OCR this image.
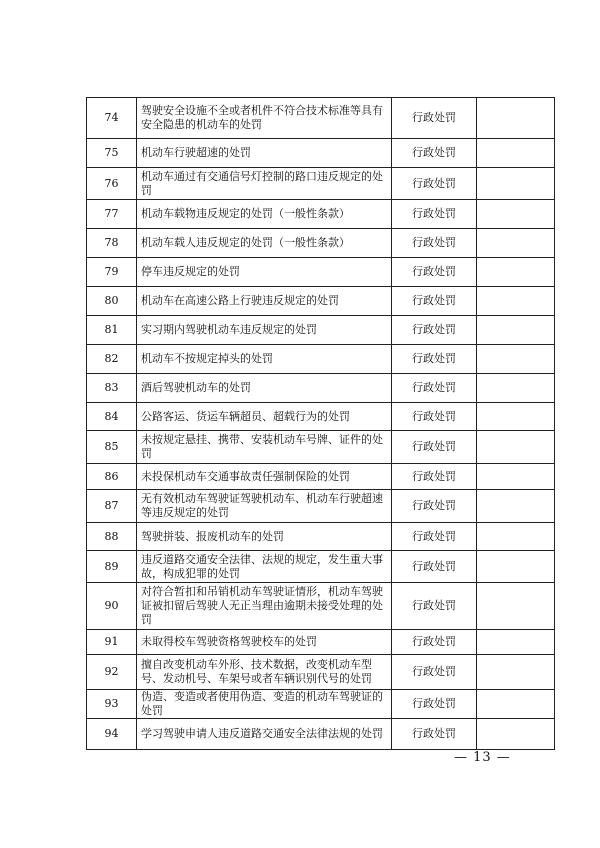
74	驾驶安全设施不全或者机件不符合技术标准等具有安全隐患的机动车的处罚	行政处罚	
75	机动车行驶超速的处罚	行政处罚	
76	机动车通过有交通信号灯控制的路口违反规定的处罚	行政处罚	
77	机动车载物违反规定的处罚（一般性条款）	行政处罚	
78	机动车载人违反规定的处罚（一般性条款）	行政处罚	
79	停车违反规定的处罚	行政处罚	
80	机动车在高速公路上行驶违反规定的处罚	行政处罚	
81	实习期内驾驶机动车违反规定的处罚	行政处罚	
82	机动车不按规定掉头的处罚	行政处罚	
83	酒后驾驶机动车的处罚	行政处罚	
84	公路客运、货运车辆超员、超载行为的处罚	行政处罚	
85	未按规定悬挂、携带、安装机动车号牌、证件的处罚	行政处罚	
86	未投保机动车交通事故责任强制保险的处罚	行政处罚	
87	无有效机动车驾驶证驾驶机动车、机动车行驶超速等违反规定的处罚	行政处罚	
88	驾驶拼装、报废机动车的处罚	行政处罚	
89	违反道路交通安全法律、法规的规定，发生重大事故，构成犯罪的处罚	行政处罚	
90	对符合暂扣和吊销机动车驾驶证情形，机动车驾驶证被扣留后驾驶人无正当理由逾期未接受处理的处罚	行政处罚	
91	未取得校车驾驶资格驾驶校车的处罚	行政处罚	
92	擅自改变机动车外形、技术数据，改变机动车型号、发动机号、车架号或者车辆识别代号的处罚	行政处罚	
93	伪造、变造或者使用伪造、变造的机动车驾驶证的处罚	行政处罚	
94	学习驾驶申请人违反道路交通安全法律法规的处罚	行政处罚	
— 13 —
